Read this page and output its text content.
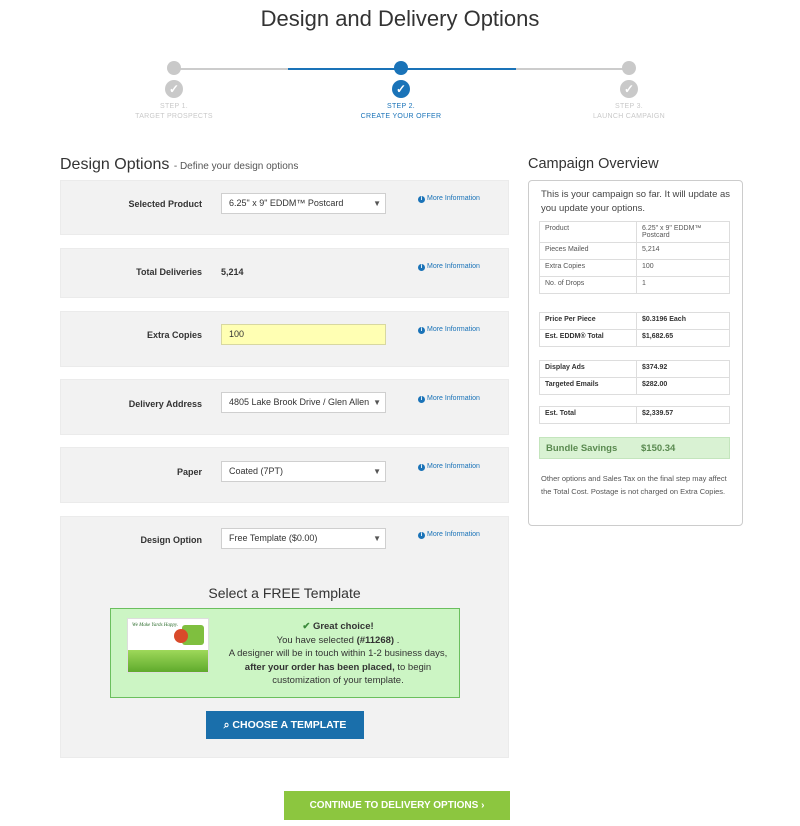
Design and Delivery Options
✓	✓	✓
STEP 1.
TARGET PROSPECTS
STEP 2.
CREATE YOUR OFFER
STEP 3.
LAUNCH CAMPAIGN
Design Options - Define your design options
Selected Product	6.25" x 9" EDDM™ Postcard	▼	i More Information
Total Deliveries 5,214	i More Information
Extra Copies	100	i More Information
Delivery Address	4805 Lake Brook Drive / Glen Allen ▼	i More Information
Paper	Coated (7PT)	▼	i More Information
Design Option	Free Template ($0.00)	▼	i More Information
Select a FREE Template
We Make Yards Happy.	✔ Great choice!
You have selected (#11268) .
A designer will be in touch within 1-2 business days, after your order has been placed, to begin customization of your template.
⌕ CHOOSE A TEMPLATE
CONTINUE TO DELIVERY OPTIONS ›
Campaign Overview
This is your campaign so far. It will update as you update your options.
Product	6.25" x 9" EDDM™ Postcard
Pieces Mailed	5,214
Extra Copies	100
No. of Drops	1
Price Per Piece	$0.3196 Each
Est. EDDM® Total	$1,682.65
Display Ads	$374.92
Targeted Emails	$282.00
Est. Total	$2,339.57
Bundle Savings $150.34
Other options and Sales Tax on the final step may affect the Total Cost. Postage is not charged on Extra Copies.
